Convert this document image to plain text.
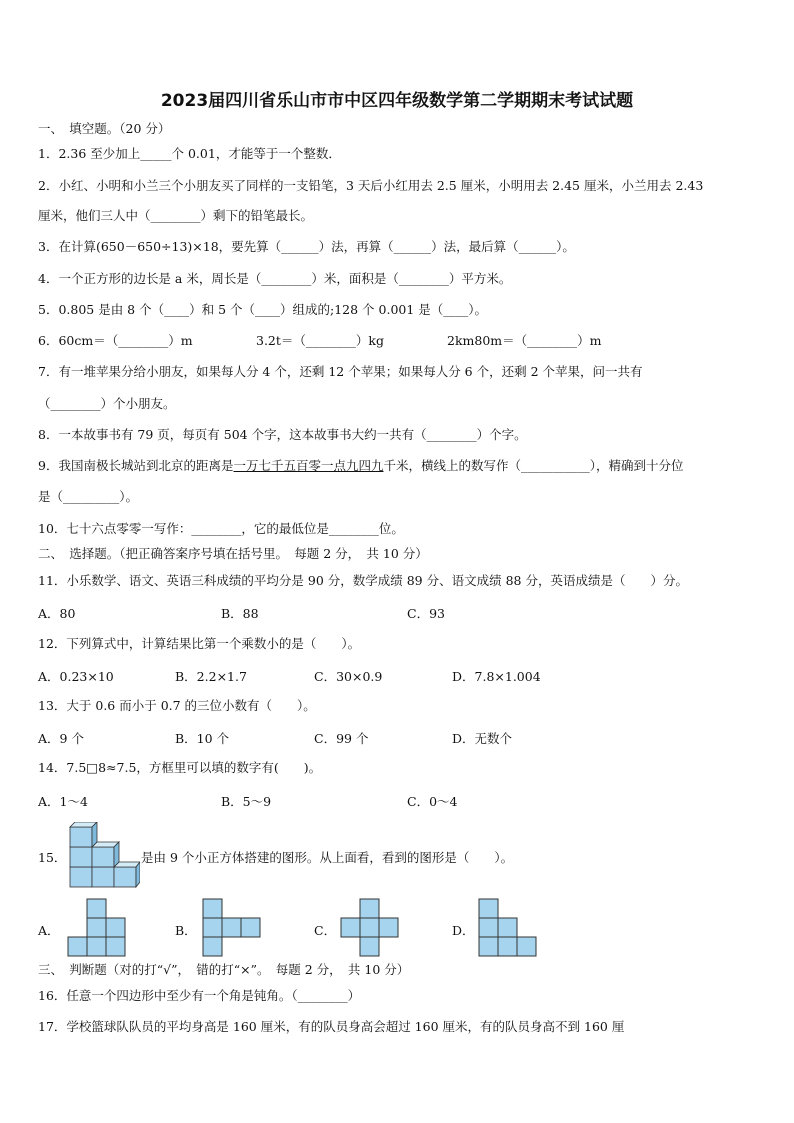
2023届四川省乐山市市中区四年级数学第二学期期末考试试题
一、　填空题。（20 分）
1．2.36 至少加上_____个 0.01，才能等于一个整数．
2．小红、小明和小兰三个小朋友买了同样的一支铅笔，3 天后小红用去 2.5 厘米，小明用去 2.45 厘米，小兰用去 2.43
厘米，他们三人中（________）剩下的铅笔最长。
3．在计算(650－650÷13)×18，要先算（______）法，再算（______）法，最后算（______）。
4．一个正方形的边长是 a 米，周长是（________）米，面积是（________）平方米。
5．0.805 是由 8 个（____）和 5 个（____）组成的;128 个 0.001 是（____）。
6．60cm＝（________）m	3.2t＝（________）kg	2km80m＝（________）m
7．有一堆苹果分给小朋友，如果每人分 4 个，还剩 12 个苹果；如果每人分 6 个，还剩 2 个苹果，问一共有
（________）个小朋友。
8．一本故事书有 79 页，每页有 504 个字，这本故事书大约一共有（________）个字。
9．我国南极长城站到北京的距离是一万七千五百零一点九四九千米，横线上的数写作（___________），精确到十分位
是（_________）。
10．七十六点零零一写作：________，它的最低位是________位。
二、　选择题。（把正确答案序号填在括号里。　每题 2 分，　共 10 分）
11．小乐数学、语文、英语三科成绩的平均分是 90 分，数学成绩 89 分、语文成绩 88 分，英语成绩是（　　）分。
A．80	B．88	C．93
12．下列算式中，计算结果比第一个乘数小的是（　　）。
A．0.23×10	B．2.2×1.7	C．30×0.9	D．7.8×1.004
13．大于 0.6 而小于 0.7 的三位小数有（　　）。
A．9 个	B．10 个	C．99 个	D．无数个
14．7.5□8≈7.5，方框里可以填的数字有(　　)。
A．1～4	B．5～9	C．0～4
15．	是由 9 个小正方体搭建的图形。从上面看，看到的图形是（　　）。
A．	B．	C．	D．
三、　判断题（对的打“√”，　错的打“×”。　每题 2 分，　共 10 分）
16．任意一个四边形中至少有一个角是钝角。（________）
17．学校篮球队队员的平均身高是 160 厘米，有的队员身高会超过 160 厘米，有的队员身高不到 160 厘
